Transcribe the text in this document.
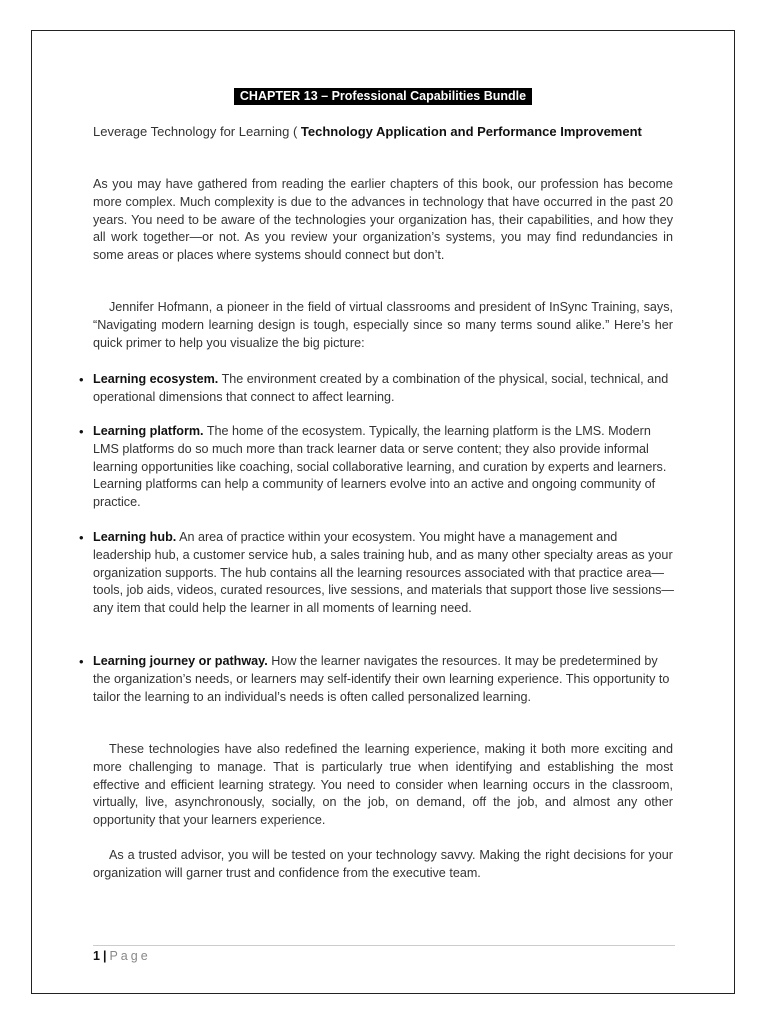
CHAPTER 13 – Professional Capabilities Bundle
Leverage Technology for Learning ( Technology Application and Performance Improvement

As you may have gathered from reading the earlier chapters of this book, our profession has become more complex. Much complexity is due to the advances in technology that have occurred in the past 20 years. You need to be aware of the technologies your organization has, their capabilities, and how they all work together—or not. As you review your organization’s systems, you may find redundancies in some areas or places where systems should connect but don’t.

Jennifer Hofmann, a pioneer in the field of virtual classrooms and president of InSync Training, says, “Navigating modern learning design is tough, especially since so many terms sound alike.” Here’s her quick primer to help you visualize the big picture:

• Learning ecosystem. The environment created by a combination of the physical, social, technical, and operational dimensions that connect to affect learning.
• Learning platform. The home of the ecosystem. Typically, the learning platform is the LMS. Modern LMS platforms do so much more than track learner data or serve content; they also provide informal learning opportunities like coaching, social collaborative learning, and curation by experts and learners. Learning platforms can help a community of learners evolve into an active and ongoing community of practice.
• Learning hub. An area of practice within your ecosystem. You might have a management and leadership hub, a customer service hub, a sales training hub, and as many other specialty areas as your organization supports. The hub contains all the learning resources associated with that practice area—tools, job aids, videos, curated resources, live sessions, and materials that support those live sessions—any item that could help the learner in all moments of learning need.
• Learning journey or pathway. How the learner navigates the resources. It may be predetermined by the organization’s needs, or learners may self-identify their own learning experience. This opportunity to tailor the learning to an individual’s needs is often called personalized learning.

These technologies have also redefined the learning experience, making it both more exciting and more challenging to manage. That is particularly true when identifying and establishing the most effective and efficient learning strategy. You need to consider when learning occurs in the classroom, virtually, live, asynchronously, socially, on the job, on demand, off the job, and almost any other opportunity that your learners experience.

As a trusted advisor, you will be tested on your technology savvy. Making the right decisions for your organization will garner trust and confidence from the executive team.

1 | Page
